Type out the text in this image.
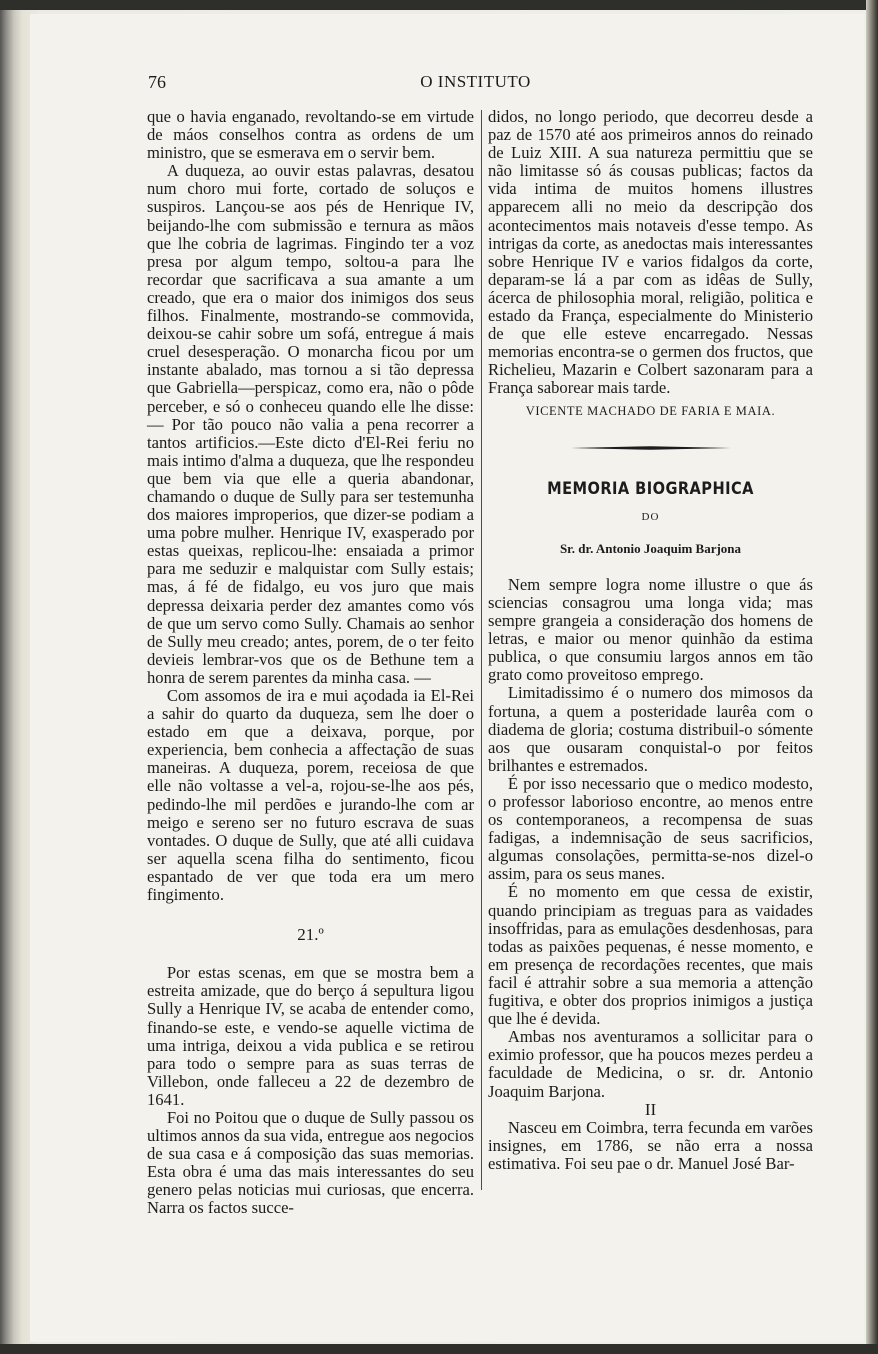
76	O INSTITUTO

que o havia enganado, revoltando-se em virtude de máos conselhos contra as ordens de um ministro, que se esmerava em o servir bem.

A duqueza, ao ouvir estas palavras, desatou num choro mui forte, cortado de soluços e suspiros. Lançou-se aos pés de Henrique IV, beijando-lhe com submissão e ternura as mãos que lhe cobria de lagrimas. Fingindo ter a voz presa por algum tempo, soltou-a para lhe recordar que sacrificava a sua amante a um creado, que era o maior dos inimigos dos seus filhos. Finalmente, mostrando-se commovida, deixou-se cahir sobre um sofá, entregue á mais cruel desesperação. O monarcha ficou por um instante abalado, mas tornou a si tão depressa que Gabriella—perspicaz, como era, não o pôde perceber, e só o conheceu quando elle lhe disse: — Por tão pouco não valia a pena recorrer a tantos artificios.—Este dicto d'El-Rei feriu no mais intimo d'alma a duqueza, que lhe respondeu que bem via que elle a queria abandonar, chamando o duque de Sully para ser testemunha dos maiores improperios, que dizer-se podiam a uma pobre mulher. Henrique IV, exasperado por estas queixas, replicou-lhe: ensaiada a primor para me seduzir e malquistar com Sully estais; mas, á fé de fidalgo, eu vos juro que mais depressa deixaria perder dez amantes como vós de que um servo como Sully. Chamais ao senhor de Sully meu creado; antes, porem, de o ter feito devieis lembrar-vos que os de Bethune tem a honra de serem parentes da minha casa. —

Com assomos de ira e mui açodada ia El-Rei a sahir do quarto da duqueza, sem lhe doer o estado em que a deixava, porque, por experiencia, bem conhecia a affectação de suas maneiras. A duqueza, porem, receiosa de que elle não voltasse a vel-a, rojou-se-lhe aos pés, pedindo-lhe mil perdões e jurando-lhe com ar meigo e sereno ser no futuro escrava de suas vontades. O duque de Sully, que até alli cuidava ser aquella scena filha do sentimento, ficou espantado de ver que toda era um mero fingimento.

21.º

Por estas scenas, em que se mostra bem a estreita amizade, que do berço á sepultura ligou Sully a Henrique IV, se acaba de entender como, finando-se este, e vendo-se aquelle victima de uma intriga, deixou a vida publica e se retirou para todo o sempre para as suas terras de Villebon, onde falleceu a 22 de dezembro de 1641.

Foi no Poitou que o duque de Sully passou os ultimos annos da sua vida, entregue aos negocios de sua casa e á composição das suas memorias. Esta obra é uma das mais interessantes do seu genero pelas noticias mui curiosas, que encerra. Narra os factos succe-

didos, no longo periodo, que decorreu desde a paz de 1570 até aos primeiros annos do reinado de Luiz XIII. A sua natureza permittiu que se não limitasse só ás cousas publicas; factos da vida intima de muitos homens illustres apparecem alli no meio da descripção dos acontecimentos mais notaveis d'esse tempo. As intrigas da corte, as anedoctas mais interessantes sobre Henrique IV e varios fidalgos da corte, deparam-se lá a par com as idêas de Sully, ácerca de philosophia moral, religião, politica e estado da França, especialmente do Ministerio de que elle esteve encarregado. Nessas memorias encontra-se o germen dos fructos, que Richelieu, Mazarin e Colbert sazonaram para a França saborear mais tarde.

VICENTE MACHADO DE FARIA E MAIA.
MEMORIA BIOGRAPHICA
DO
Sr. dr. Antonio Joaquim Barjona

Nem sempre logra nome illustre o que ás sciencias consagrou uma longa vida; mas sempre grangeia a consideração dos homens de letras, e maior ou menor quinhão da estima publica, o que consumiu largos annos em tão grato como proveitoso emprego.

Limitadissimo é o numero dos mimosos da fortuna, a quem a posteridade laurêa com o diadema de gloria; costuma distribuil-o sómente aos que ousaram conquistal-o por feitos brilhantes e estremados.

É por isso necessario que o medico modesto, o professor laborioso encontre, ao menos entre os contemporaneos, a recompensa de suas fadigas, a indemnisação de seus sacrificios, algumas consolações, permitta-se-nos dizel-o assim, para os seus manes.

É no momento em que cessa de existir, quando principiam as treguas para as vaidades insoffridas, para as emulações desdenhosas, para todas as paixões pequenas, é nesse momento, e em presença de recordações recentes, que mais facil é attrahir sobre a sua memoria a attenção fugitiva, e obter dos proprios inimigos a justiça que lhe é devida.

Ambas nos aventuramos a sollicitar para o eximio professor, que ha poucos mezes perdeu a faculdade de Medicina, o sr. dr. Antonio Joaquim Barjona.

II

Nasceu em Coimbra, terra fecunda em varões insignes, em 1786, se não erra a nossa estimativa. Foi seu pae o dr. Manuel José Bar-
